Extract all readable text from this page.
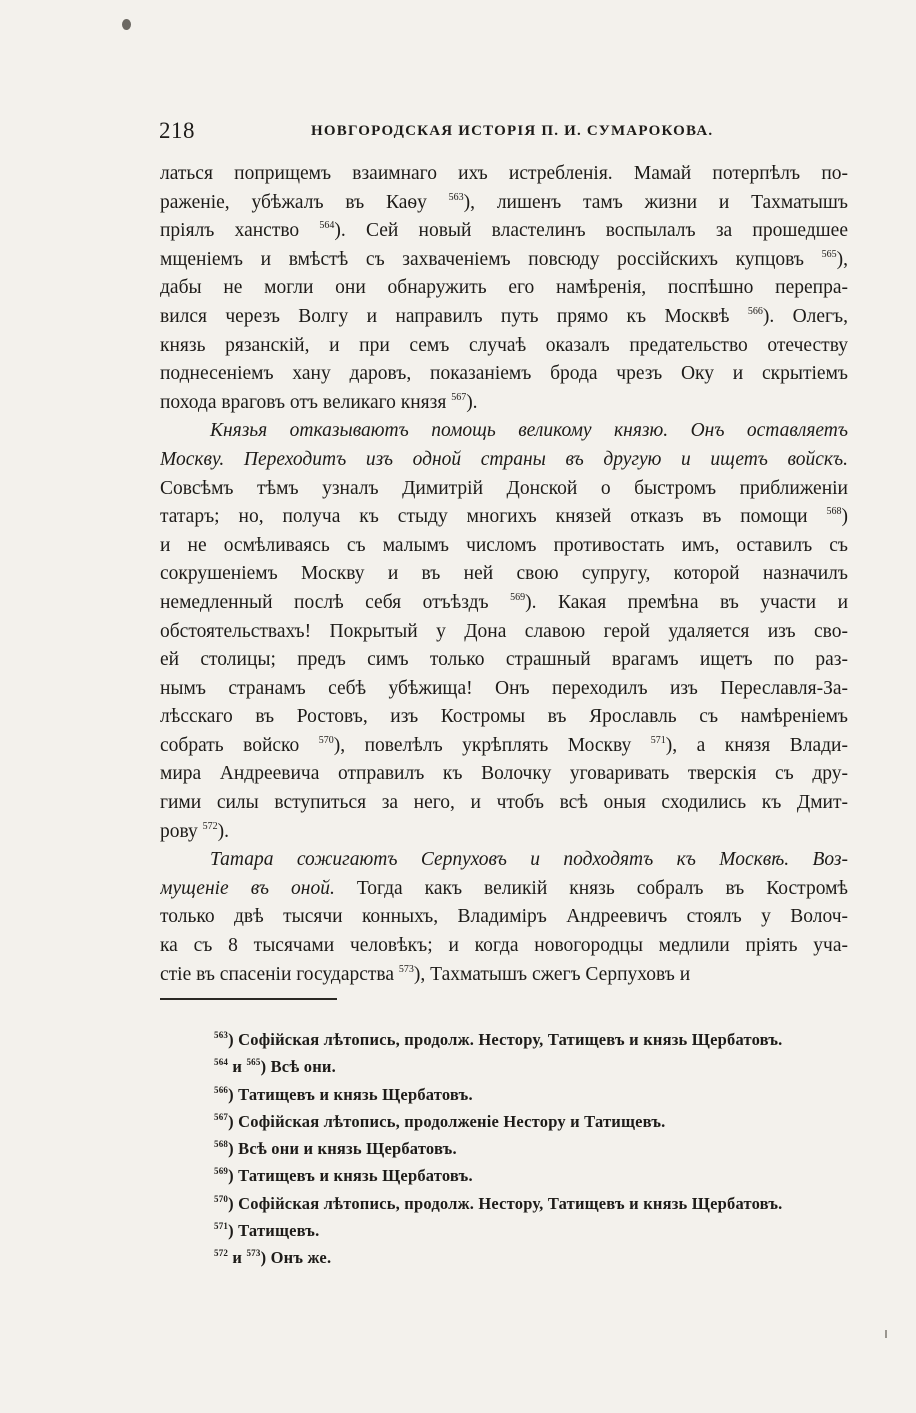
218	НОВГОРОДСКАЯ ИСТОРІЯ П. И. СУМАРОКОВА.
латься поприщемъ взаимнаго ихъ истребленія. Мамай потерпѣлъ по-
раженіе, убѣжалъ въ Каѳу $^{563}$), лишенъ тамъ жизни и Тахматышъ
пріялъ ханство $^{564}$). Сей новый властелинъ воспылалъ за прошедшее
мщеніемъ и вмѣстѣ съ захваченіемъ повсюду россійскихъ купцовъ $^{565}$),
дабы не могли они обнаружить его намѣренія, поспѣшно перепра-
вился черезъ Волгу и направилъ путь прямо къ Москвѣ $^{566}$). Олегъ,
князь рязанскій, и при семъ случаѣ оказалъ предательство отечеству
поднесеніемъ хану даровъ, показаніемъ брода чрезъ Оку и скрытіемъ
похода враговъ отъ великаго князя $^{567}$).
Князья отказываютъ помощь великому князю. Онъ оставляетъ
Москву. Переходитъ изъ одной страны въ другую и ищетъ войскъ.
Совсѣмъ тѣмъ узналъ Димитрій Донской о быстромъ приближеніи
татаръ; но, получа къ стыду многихъ князей отказъ въ помощи $^{568}$)
и не осмѣливаясь съ малымъ числомъ противостать имъ, оставилъ съ
сокрушеніемъ Москву и въ ней свою супругу, которой назначилъ
немедленный послѣ себя отъѣздъ $^{569}$). Какая премѣна въ участи и
обстоятельствахъ! Покрытый у Дона славою герой удаляется изъ сво-
ей столицы; предъ симъ только страшный врагамъ ищетъ по раз-
нымъ странамъ себѣ убѣжища! Онъ переходилъ изъ Переславля-За-
лѣсскаго въ Ростовъ, изъ Костромы въ Ярославль съ намѣреніемъ
собрать войско $^{570}$), повелѣлъ укрѣплять Москву $^{571}$), а князя Влади-
мира Андреевича отправилъ къ Волочку уговаривать тверскія съ дру-
гими силы вступиться за него, и чтобъ всѣ оныя сходились къ Дмит-
рову $^{572}$).
Татара сожигаютъ Серпуховъ и подходятъ къ Москвѣ. Воз-
мущеніе въ оной. Тогда какъ великій князь собралъ въ Костромѣ
только двѣ тысячи конныхъ, Владиміръ Андреевичъ стоялъ у Волоч-
ка съ 8 тысячами человѣкъ; и когда новогородцы медлили пріять уча-
стіе въ спасеніи государства $^{573}$), Тахматышъ сжегъ Серпуховъ и
$^{563}$) Софійская лѣтопись, продолж. Нестору, Татищевъ и князь Щербатовъ.
$^{564}$ и $^{565}$) Всѣ они.
$^{566}$) Татищевъ и князь Щербатовъ.
$^{567}$) Софійская лѣтопись, продолженіе Нестору и Татищевъ.
$^{568}$) Всѣ они и князь Щербатовъ.
$^{569}$) Татищевъ и князь Щербатовъ.
$^{570}$) Софійская лѣтопись, продолж. Нестору, Татищевъ и князь Щербатовъ.
$^{571}$) Татищевъ.
$^{572}$ и $^{573}$) Онъ же.
